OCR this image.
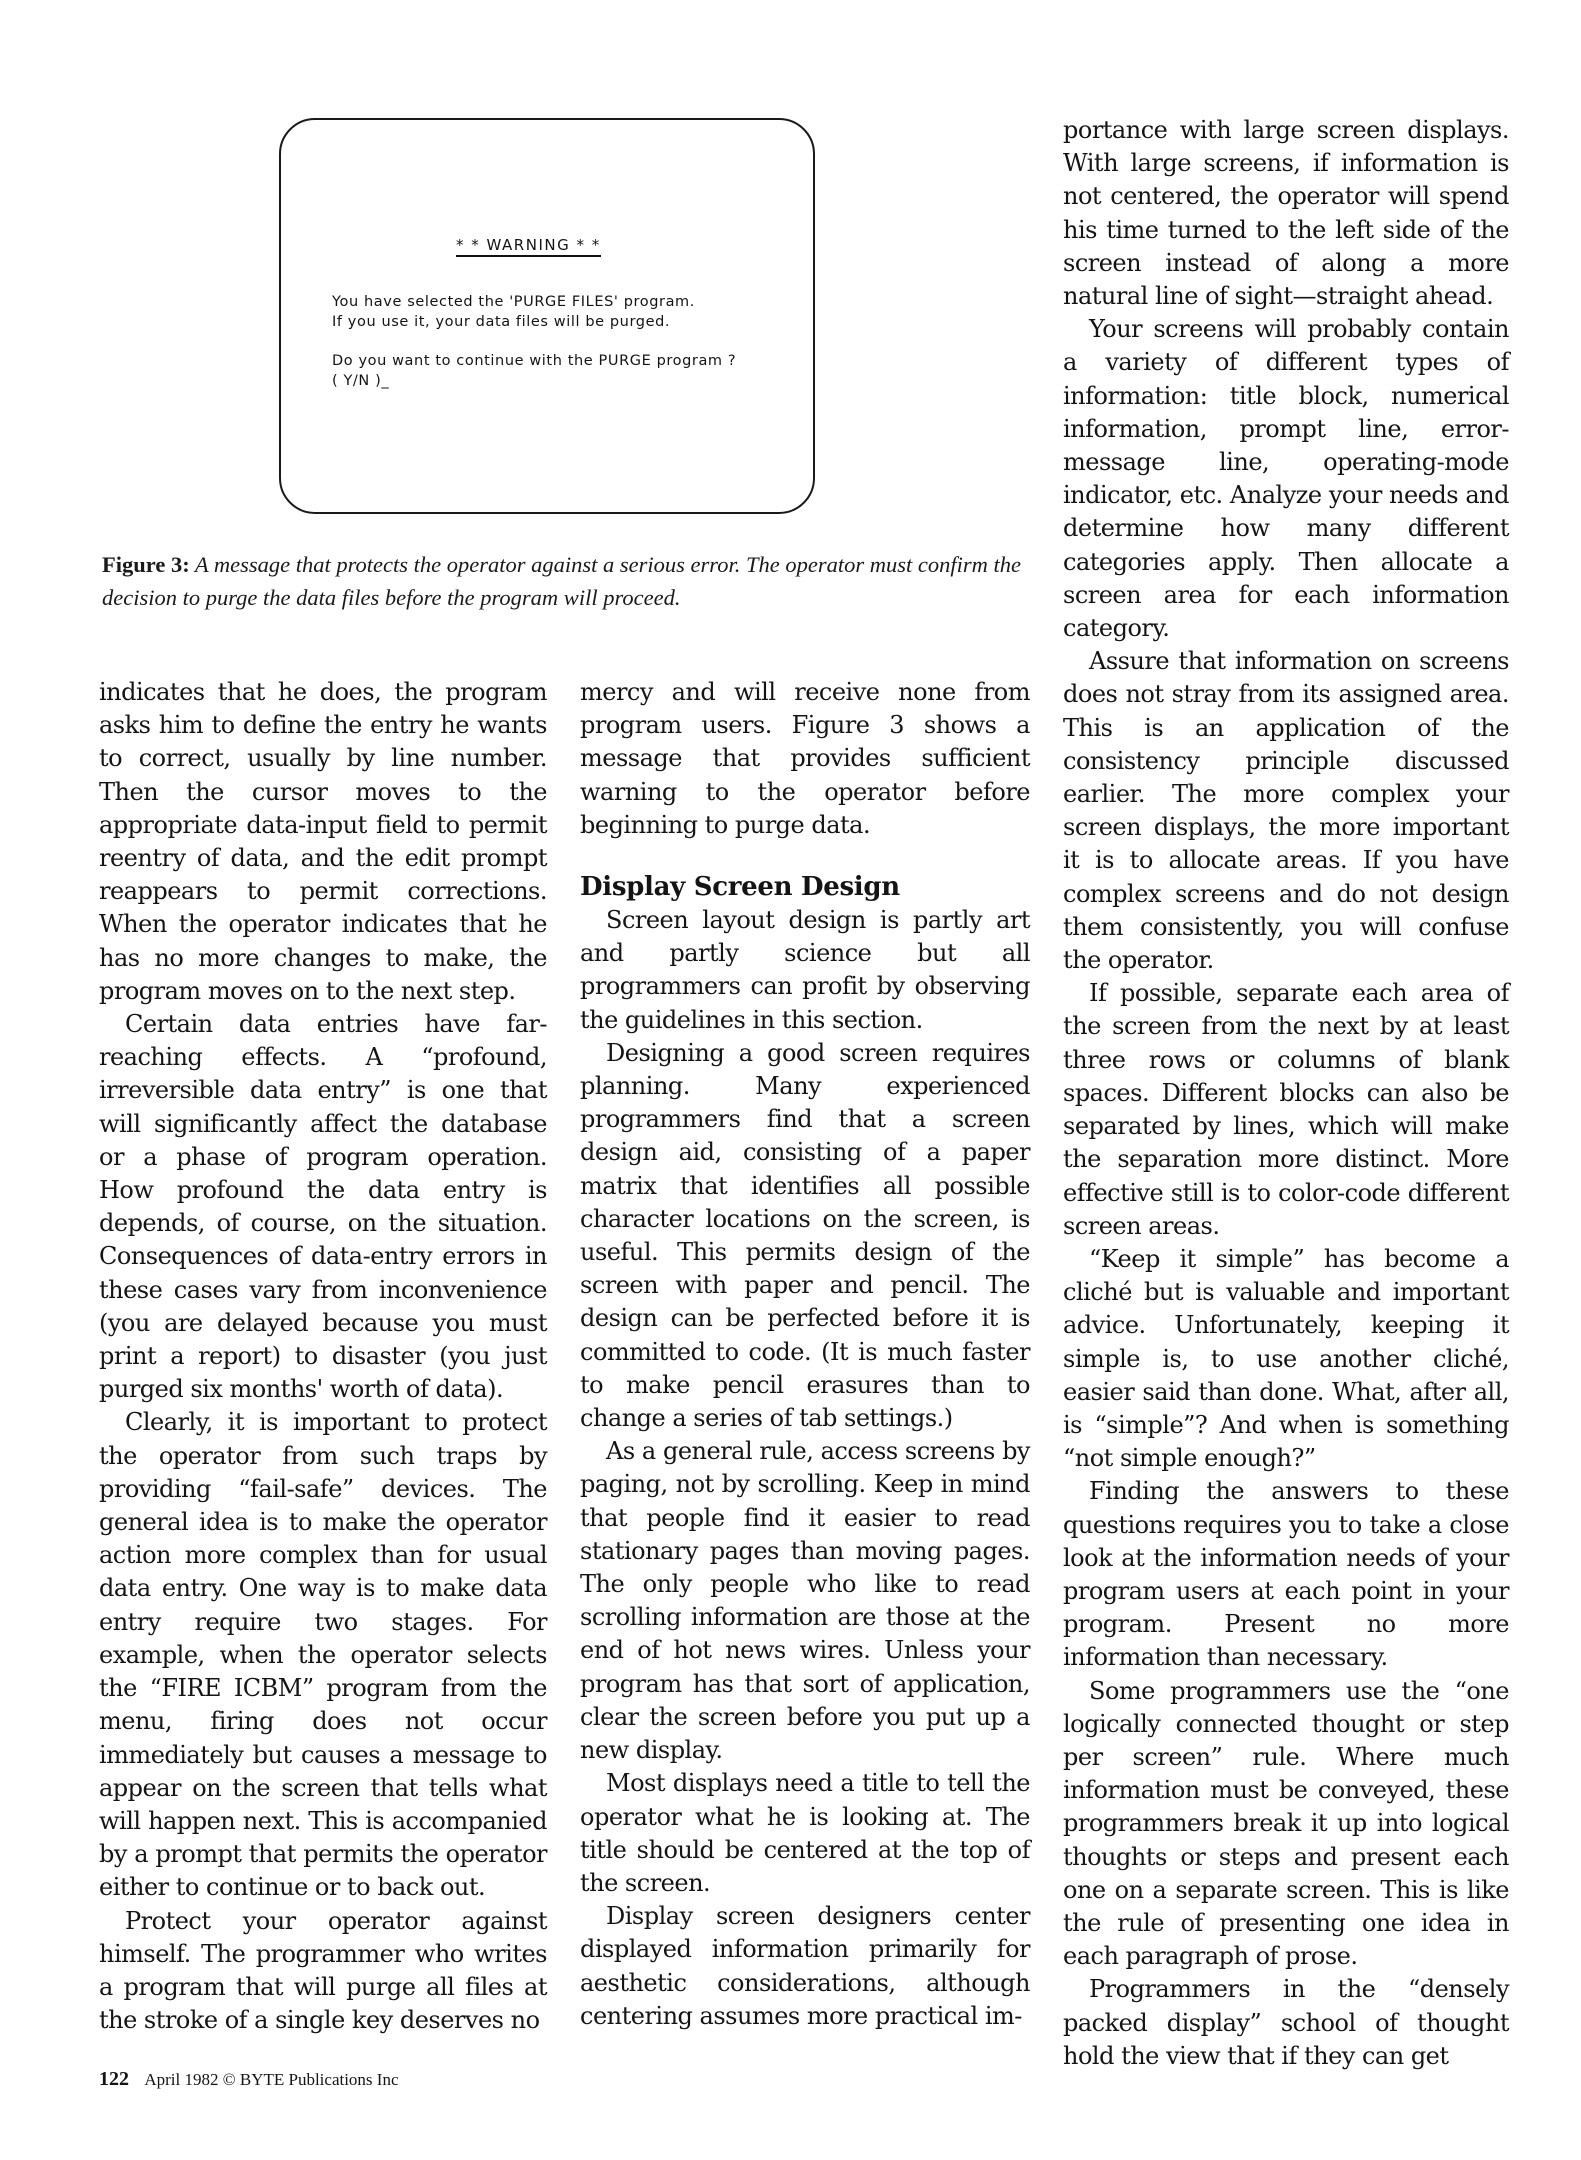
* * WARNING * *
You have selected the 'PURGE FILES' program.
If you use it, your data files will be purged.
Do you want to continue with the PURGE program ?
( Y/N )_
Figure 3: A message that protects the operator against a serious error. The operator must confirm the decision to purge the data files before the program will proceed.

indicates that he does, the program asks him to define the entry he wants to correct, usually by line number. Then the cursor moves to the appropriate data-input field to permit reentry of data, and the edit prompt reappears to permit corrections. When the operator indicates that he has no more changes to make, the program moves on to the next step.

Certain data entries have far-reaching effects. A “profound, irreversible data entry” is one that will significantly affect the database or a phase of program operation. How profound the data entry is depends, of course, on the situation. Consequences of data-entry errors in these cases vary from inconvenience (you are delayed because you must print a report) to disaster (you just purged six months' worth of data).

Clearly, it is important to protect the operator from such traps by providing “fail-safe” devices. The general idea is to make the operator action more complex than for usual data entry. One way is to make data entry require two stages. For example, when the operator selects the “FIRE ICBM” program from the menu, firing does not occur immediately but causes a message to appear on the screen that tells what will happen next. This is accompanied by a prompt that permits the operator either to continue or to back out.

Protect your operator against himself. The programmer who writes a program that will purge all files at the stroke of a single key deserves no

mercy and will receive none from program users. Figure 3 shows a message that provides sufficient warning to the operator before beginning to purge data.

Display Screen Design

Screen layout design is partly art and partly science but all programmers can profit by observing the guidelines in this section.

Designing a good screen requires planning. Many experienced programmers find that a screen design aid, consisting of a paper matrix that identifies all possible character locations on the screen, is useful. This permits design of the screen with paper and pencil. The design can be perfected before it is committed to code. (It is much faster to make pencil erasures than to change a series of tab settings.)

As a general rule, access screens by paging, not by scrolling. Keep in mind that people find it easier to read stationary pages than moving pages. The only people who like to read scrolling information are those at the end of hot news wires. Unless your program has that sort of application, clear the screen before you put up a new display.

Most displays need a title to tell the operator what he is looking at. The title should be centered at the top of the screen.

Display screen designers center displayed information primarily for aesthetic considerations, although centering assumes more practical im-

portance with large screen displays. With large screens, if information is not centered, the operator will spend his time turned to the left side of the screen instead of along a more natural line of sight—straight ahead.

Your screens will probably contain a variety of different types of information: title block, numerical information, prompt line, error-message line, operating-mode indicator, etc. Analyze your needs and determine how many different categories apply. Then allocate a screen area for each information category.

Assure that information on screens does not stray from its assigned area. This is an application of the consistency principle discussed earlier. The more complex your screen displays, the more important it is to allocate areas. If you have complex screens and do not design them consistently, you will confuse the operator.

If possible, separate each area of the screen from the next by at least three rows or columns of blank spaces. Different blocks can also be separated by lines, which will make the separation more distinct. More effective still is to color-code different screen areas.

“Keep it simple” has become a cliché but is valuable and important advice. Unfortunately, keeping it simple is, to use another cliché, easier said than done. What, after all, is “simple”? And when is something “not simple enough?”

Finding the answers to these questions requires you to take a close look at the information needs of your program users at each point in your program. Present no more information than necessary.

Some programmers use the “one logically connected thought or step per screen” rule. Where much information must be conveyed, these programmers break it up into logical thoughts or steps and present each one on a separate screen. This is like the rule of presenting one idea in each paragraph of prose.

Programmers in the “densely packed display” school of thought hold the view that if they can get

122 April 1982 © BYTE Publications Inc
